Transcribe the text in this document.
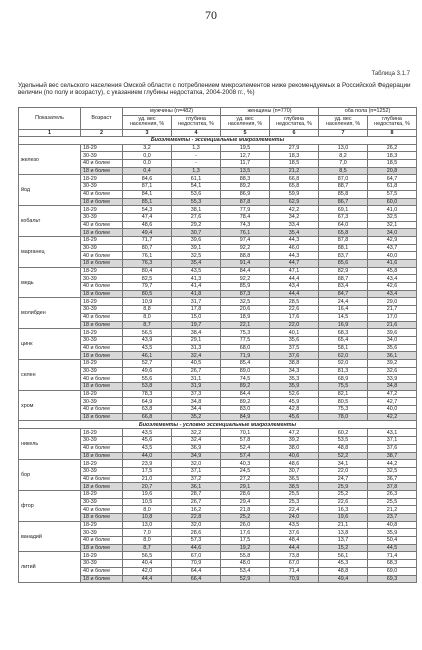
70
Таблица 3.1.7
Удельный вес сельского населения Омской области с потреблением микроэлементов ниже рекомендуемых в Российской Федерации величин (по полу и возрасту), с указанием глубины недостатка, 2004-2008 гг., %)
Показатель	Возраст	мужчины (n=482)		женщины (n=770)		оба пола (n=1252)	
		уд. вес населения, %	глубина недостатка, %	уд. вес населения, %	глубина недостатка, %	уд. вес населения, %	глубина недостатка, %
1	2	3	4	5	6	7	8
Биоэлементы - эссенциальные микроэлементы							
железо	18-29	3,2	1,3	19,5	27,9	13,0	26,2
	30-39	0,0	-	12,7	18,3	8,2	18,3
	40 и более	0,0	-	11,7	18,5	7,0	18,5
	18 и более	0,4	1,3	13,5	21,2	8,5	20,8
йод	18-29	84,6	61,1	88,3	66,8	87,0	64,7
	30-39	87,1	54,1	89,2	65,8	88,7	61,8
	40 и более	84,1	53,6	86,9	59,9	85,8	57,5
	18 и более	85,1	55,3	87,8	62,9	86,7	60,0
кобальт	18-29	54,3	38,1	77,9	42,2	69,1	41,0
	30-39	47,4	27,6	78,4	34,2	67,3	32,5
	40 и более	48,6	29,2	74,3	33,4	64,0	32,1
	18 и более	49,4	30,7	76,1	35,4	65,8	34,0
марганец	18-29	71,7	39,6	97,4	44,3	87,8	42,9
	30-39	80,7	39,1	92,2	46,0	88,1	43,7
	40 и более	76,1	32,5	88,8	44,3	83,7	40,0
	18 и более	76,3	35,4	91,4	44,7	85,6	41,6
медь	18-29	80,4	43,5	84,4	47,1	82,9	45,8
	30-39	82,5	41,3	92,2	44,4	88,7	43,4
	40 и более	79,7	41,4	85,9	43,4	83,4	42,6
	18 и более	80,5	41,8	87,3	44,4	84,7	43,4
молибден	18-29	10,9	31,7	32,5	28,5	24,4	29,0
	30-39	8,8	17,8	20,6	22,6	16,4	21,7
	40 и более	8,0	15,0	18,9	17,6	14,5	17,0
	18 и более	8,7	19,7	22,1	22,0	16,9	21,6
цинк	18-29	56,5	38,4	75,3	40,1	68,3	39,6
	30-39	43,9	29,1	77,5	35,6	65,4	34,0
	40 и более	43,5	31,3	68,0	37,5	58,1	35,6
	18 и более	46,1	32,4	71,9	37,6	62,0	36,1
селен	18-29	52,7	40,5	85,4	38,8	92,0	39,2
	30-39	49,6	26,7	89,0	34,3	81,3	32,6
	40 и более	55,6	31,1	74,5	35,3	68,9	33,9
	18 и более	53,8	31,9	89,2	35,9	75,5	34,8
хром	18-29	78,3	37,3	84,4	52,6	82,1	47,2
	30-39	64,9	34,8	89,2	45,9	80,5	42,7
	40 и более	63,8	34,4	83,0	42,8	75,3	40,0
	18 и более	66,8	35,2	84,9	45,6	78,0	42,2
Биоэлементы - условно эссенциальные микроэлементы							
никель	18-29	43,5	32,2	70,1	47,2	60,2	43,1
	30-39	45,6	32,4	57,8	39,2	53,5	37,1
	40 и более	43,5	36,9	52,4	38,0	48,8	37,6
	18 и более	44,0	34,9	57,4	40,6	52,2	38,7
бор	18-29	23,9	32,0	40,3	48,6	34,1	44,2
	30-39	17,5	37,1	24,5	30,7	22,0	32,5
	40 и более	21,0	37,2	27,2	36,5	24,7	36,7
	18 и более	20,7	36,1	29,1	38,5	25,9	37,8
фтор	18-29	19,6	28,7	28,6	25,5	25,2	26,3
	30-39	10,5	26,7	29,4	25,3	22,6	25,5
	40 и более	8,0	16,2	21,8	22,4	16,3	21,2
	18 и более	10,8	22,8	25,2	24,0	19,6	23,7
ванадий	18-29	13,0	32,0	26,0	43,5	21,1	40,8
	30-39	7,0	28,6	17,6	37,6	13,8	35,9
	40 и более	8,0	57,3	17,5	48,4	13,7	50,4
	18 и более	8,7	44,6	19,2	44,4	15,2	44,5
литий	18-29	56,5	67,0	55,8	73,8	56,1	71,4
	30-39	40,4	70,9	48,0	67,0	45,3	68,3
	40 и более	42,0	64,4	53,4	71,4	48,8	69,0
	18 и более	44,4	66,4	52,9	70,9	49,4	69,3
